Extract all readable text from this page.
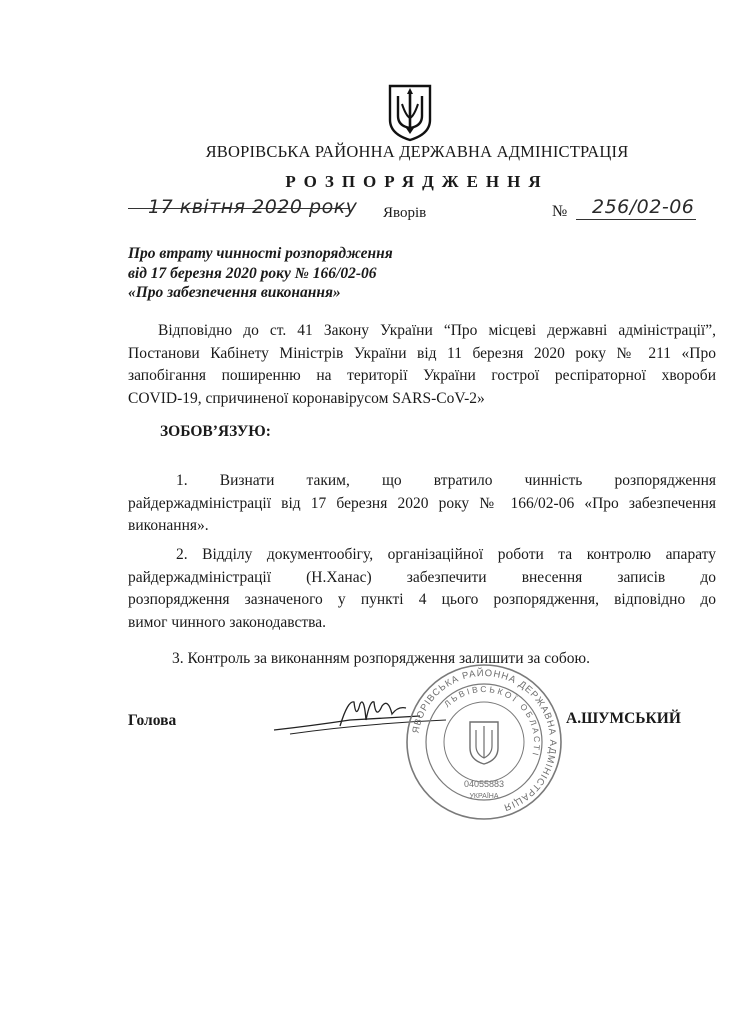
ЯВОРІВСЬКА РАЙОННА ДЕРЖАВНА АДМІНІСТРАЦІЯ
РОЗПОРЯДЖЕННЯ
17 квітня 2020 року Яворів	№ 256/02-06
Про втрату чинності розпорядження
від 17 березня 2020 року № 166/02-06
«Про забезпечення виконання»
Відповідно до ст. 41 Закону України “Про місцеві державні адміністрації”,
Постанови Кабінету Міністрів України від 11 березня 2020 року № 211 «Про
запобігання поширенню на території України гострої респіраторної хвороби
COVID-19, спричиненої коронавірусом SARS-CoV-2»
ЗОБОВ’ЯЗУЮ:
1. Визнати таким, що втратило чинність розпорядження
райдержадміністрації від 17 березня 2020 року № 166/02-06 «Про забезпечення
виконання».
2. Відділу документообігу, організаційної роботи та контролю апарату
райдержадміністрації (Н.Ханас) забезпечити внесення записів до
розпорядження зазначеного у пункті 4 цього розпорядження, відповідно до
вимог чинного законодавства.
3. Контроль за виконанням розпорядження залишити за собою.
Голова
ЯВОРІВСЬКА РАЙОННА ДЕРЖАВНА АДМІНІСТРАЦІЯ
ЛЬВІВСЬКОЇ ОБЛАСТІ
04055883
УКРАЇНА
А.ШУМСЬКИЙ
